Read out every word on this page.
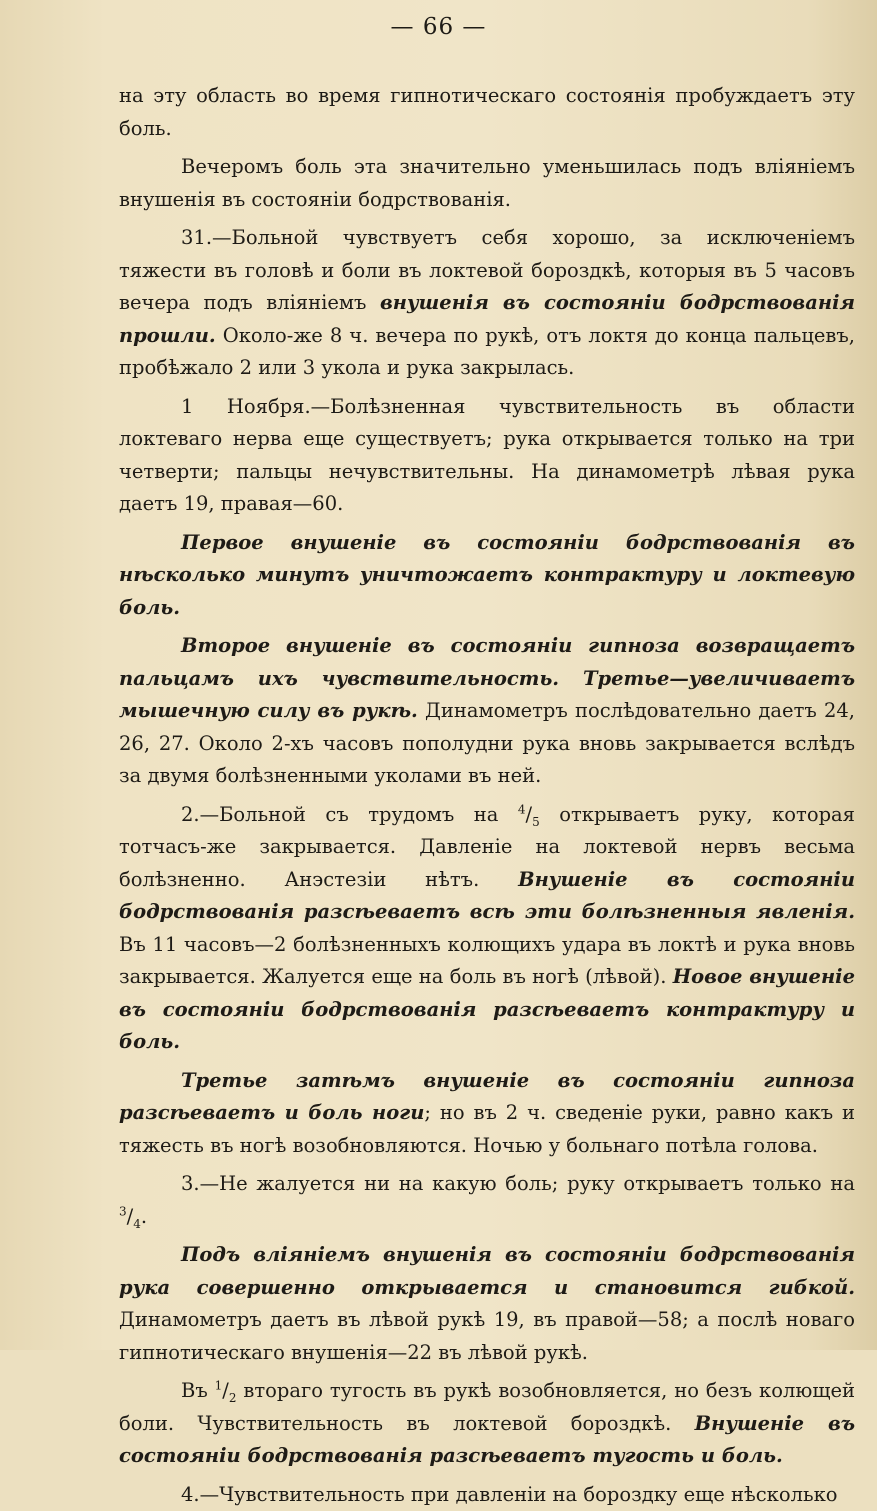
— 66 —

на эту область во время гипнотическаго состоянія пробуждаетъ эту боль.

Вечеромъ боль эта значительно уменьшилась подъ вліяніемъ внушенія въ состояніи бодрствованія.

31.—Больной чувствуетъ себя хорошо, за исключеніемъ тяжести въ головѣ и боли въ локтевой бороздкѣ, которыя въ 5 часовъ вечера подъ вліяніемъ внушенія въ состояніи бодрствованія прошли. Около-же 8 ч. вечера по рукѣ, отъ локтя до конца пальцевъ, пробѣжало 2 или 3 укола и рука закрылась.

1 Ноября.—Болѣзненная чувствительность въ области локтеваго нерва еще существуетъ; рука открывается только на три четверти; пальцы нечувствительны. На динамометрѣ лѣвая рука даетъ 19, правая—60.

Первое внушеніе въ состояніи бодрствованія въ нѣсколько минутъ уничтожаетъ контрактуру и локтевую боль.

Второе внушеніе въ состояніи гипноза возвращаетъ пальцамъ ихъ чувствительность. Третье—увеличиваетъ мышечную силу въ рукѣ. Динамометръ послѣдовательно даетъ 24, 26, 27. Около 2-хъ часовъ пополудни рука вновь закрывается вслѣдъ за двумя болѣзненными уколами въ ней.

2.—Больной съ трудомъ на $^4/_5$ открываетъ руку, которая тотчасъ-же закрывается. Давленіе на локтевой нервъ весьма болѣзненно. Анэстезіи нѣтъ. Внушеніе въ состояніи бодрствованія разсѣеваетъ всѣ эти болѣзненныя явленія. Въ 11 часовъ—2 болѣзненныхъ колющихъ удара въ локтѣ и рука вновь закрывается. Жалуется еще на боль въ ногѣ (лѣвой). Новое внушеніе въ состояніи бодрствованія разсѣеваетъ контрактуру и боль.

Третье затѣмъ внушеніе въ состояніи гипноза разсѣеваетъ и боль ноги; но въ 2 ч. сведеніе руки, равно какъ и тяжесть въ ногѣ возобновляются. Ночью у больнаго потѣла голова.

3.—Не жалуется ни на какую боль; руку открываетъ только на $^3/_4$.

Подъ вліяніемъ внушенія въ состояніи бодрствованія рука совершенно открывается и становится гибкой. Динамометръ даетъ въ лѣвой рукѣ 19, въ правой—58; а послѣ новаго гипнотическаго внушенія—22 въ лѣвой рукѣ.

Въ $^1/_2$ втораго тугость въ рукѣ возобновляется, но безъ колющей боли. Чувствительность въ локтевой бороздкѣ. Внушеніе въ состояніи бодрствованія разсѣеваетъ тугость и боль.

4.—Чувствительность при давленіи на бороздку еще нѣсколько
